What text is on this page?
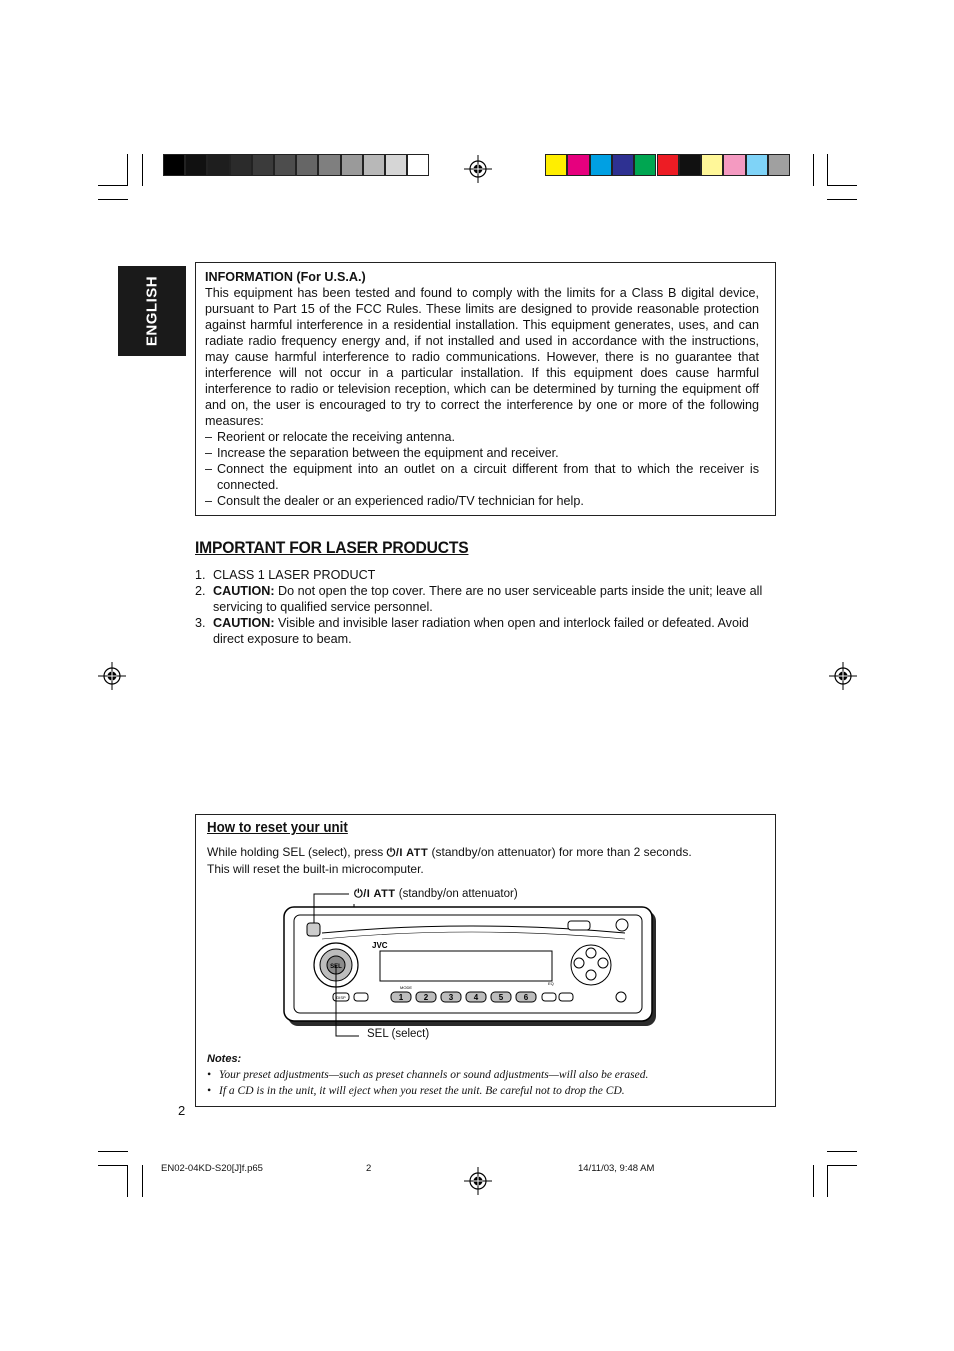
ENGLISH	INFORMATION (For U.S.A.)

This equipment has been tested and found to comply with the limits for a Class B digital device, pursuant to Part 15 of the FCC Rules. These limits are designed to provide reasonable protection against harmful interference in a residential installation. This equipment generates, uses, and can radiate radio frequency energy and, if not installed and used in accordance with the instructions, may cause harmful interference to radio communications. However, there is no guarantee that interference will not occur in a particular installation. If this equipment does cause harmful interference to radio or television reception, which can be determined by turning the equipment off and on, the user is encouraged to try to correct the interference by one or more of the following measures:

– Reorient or relocate the receiving antenna.
– Increase the separation between the equipment and receiver.
– Connect the equipment into an outlet on a circuit different from that to which the receiver is connected.
– Consult the dealer or an experienced radio/TV technician for help.
IMPORTANT FOR LASER PRODUCTS
1. CLASS 1 LASER PRODUCT
2. CAUTION: Do not open the top cover. There are no user serviceable parts inside the unit; leave all servicing to qualified service personnel.
3. CAUTION: Visible and invisible laser radiation when open and interlock failed or defeated. Avoid direct exposure to beam.
How to reset your unit
While holding SEL (select), press ⏻/I ATT (standby/on attenuator) for more than 2 seconds.
This will reset the built-in microcomputer.
⏻/I ATT (standby/on attenuator)
SEL
JVC
DISP
MODE
EQ
1	2	3	4	5	6
SEL (select)
Notes:
• Your preset adjustments—such as preset channels or sound adjustments—will also be erased.
• If a CD is in the unit, it will eject when you reset the unit. Be careful not to drop the CD.
2
EN02-04KD-S20[J]f.p65	2	14/11/03, 9:48 AM
